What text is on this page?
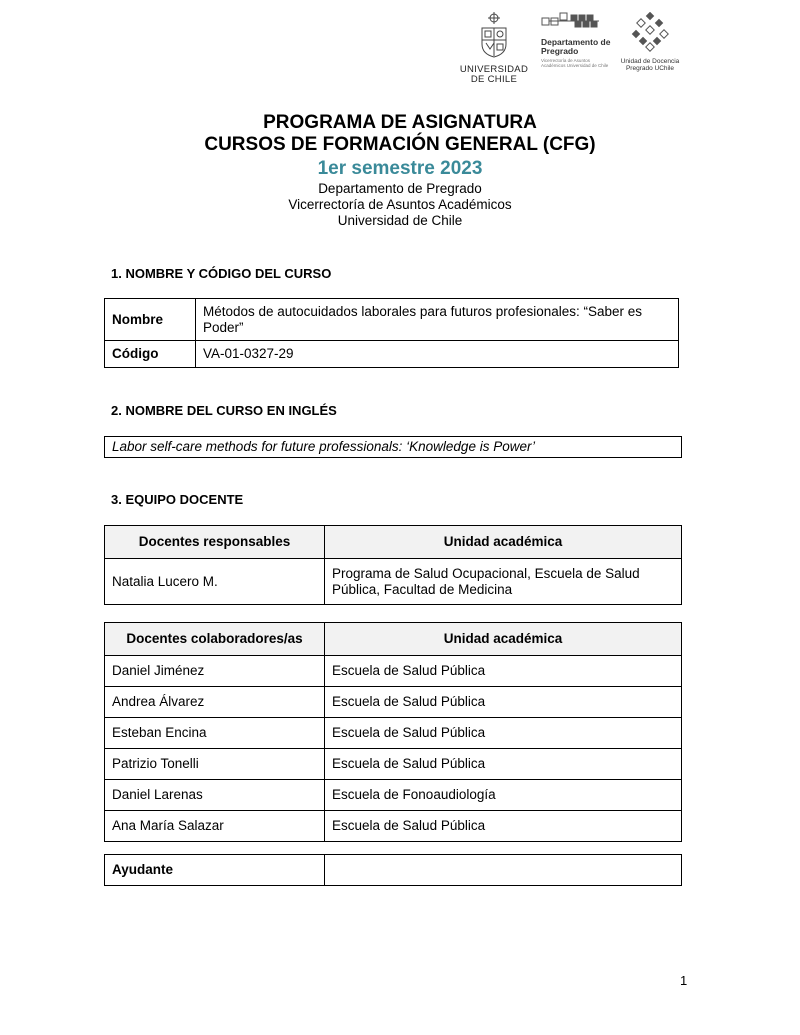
UNIVERSIDAD DE CHILE
Departamento de Pregrado
Vicerrectoría de Asuntos Académicos Universidad de Chile
Unidad de Docencia Pregrado UChile
PROGRAMA DE ASIGNATURA
CURSOS DE FORMACIÓN GENERAL (CFG)
1er semestre 2023
Departamento de Pregrado
Vicerrectoría de Asuntos Académicos
Universidad de Chile
1. NOMBRE Y CÓDIGO DEL CURSO
Nombre	Métodos de autocuidados laborales para futuros profesionales: “Saber es Poder”
Código	VA-01-0327-29
2. NOMBRE DEL CURSO EN INGLÉS
Labor self-care methods for future professionals: ‘Knowledge is Power’
3. EQUIPO DOCENTE
Docentes responsables	Unidad académica
Natalia Lucero M.	Programa de Salud Ocupacional, Escuela de Salud Pública, Facultad de Medicina
Docentes colaboradores/as	Unidad académica
Daniel Jiménez	Escuela de Salud Pública
Andrea Álvarez	Escuela de Salud Pública
Esteban Encina	Escuela de Salud Pública
Patrizio Tonelli	Escuela de Salud Pública
Daniel Larenas	Escuela de Fonoaudiología
Ana María Salazar	Escuela de Salud Pública
Ayudante	
1
